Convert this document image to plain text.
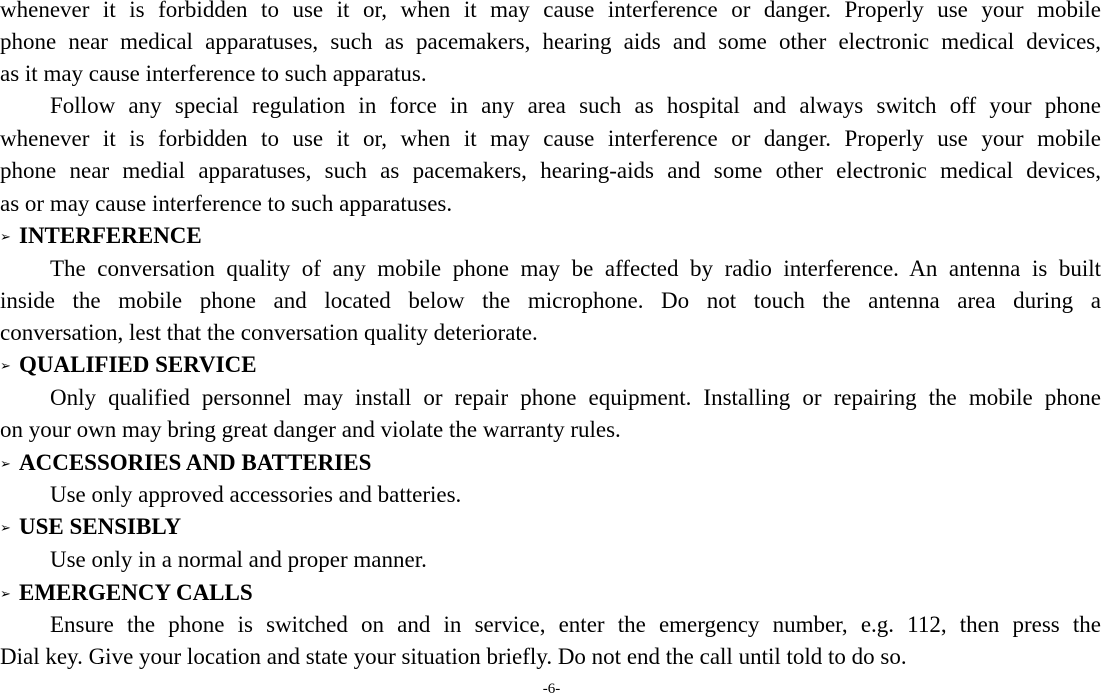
whenever it is forbidden to use it or, when it may cause interference or danger. Properly use your mobile
phone near medical apparatuses, such as pacemakers, hearing aids and some other electronic medical devices,
as it may cause interference to such apparatus.
Follow any special regulation in force in any area such as hospital and always switch off your phone
whenever it is forbidden to use it or, when it may cause interference or danger. Properly use your mobile
phone near medial apparatuses, such as pacemakers, hearing-aids and some other electronic medical devices,
as or may cause interference to such apparatuses.
➢ INTERFERENCE
The conversation quality of any mobile phone may be affected by radio interference. An antenna is built
inside the mobile phone and located below the microphone. Do not touch the antenna area during a
conversation, lest that the conversation quality deteriorate.
➢ QUALIFIED SERVICE
Only qualified personnel may install or repair phone equipment. Installing or repairing the mobile phone
on your own may bring great danger and violate the warranty rules.
➢ ACCESSORIES AND BATTERIES
Use only approved accessories and batteries.
➢ USE SENSIBLY
Use only in a normal and proper manner.
➢ EMERGENCY CALLS
Ensure the phone is switched on and in service, enter the emergency number, e.g. 112, then press the
Dial key. Give your location and state your situation briefly. Do not end the call until told to do so.
-6-
